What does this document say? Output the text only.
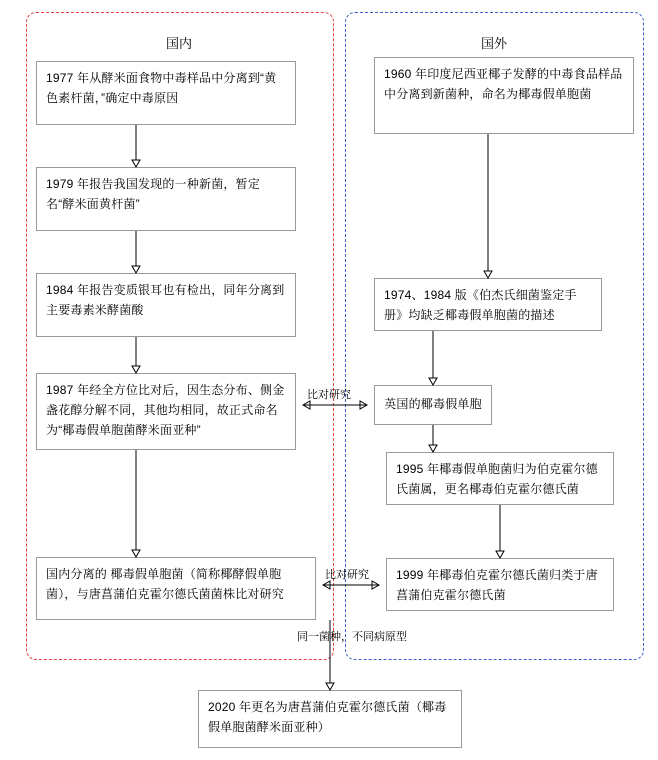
国内	国外
1977 年从酵米面食物中毒样品中分离到“黄色素杆菌，”确定中毒原因
1979 年报告我国发现的一种新菌，暂定名“酵米面黄杆菌”
1984 年报告变质银耳也有检出，同年分离到主要毒素米酵菌酸
1987 年经全方位比对后，因生态分布、侧金盏花醇分解不同，其他均相同，故正式命名为“椰毒假单胞菌酵米面亚种”
国内分离的 椰毒假单胞菌（简称椰酵假单胞菌），与唐菖蒲伯克霍尔德氏菌菌株比对研究
1960 年印度尼西亚椰子发酵的中毒食品样品中分离到新菌种，命名为椰毒假单胞菌
1974、1984 版《伯杰氏细菌鉴定手册》均缺乏椰毒假单胞菌的描述
英国的椰毒假单胞
1995 年椰毒假单胞菌归为伯克霍尔德氏菌属，更名椰毒伯克霍尔德氏菌
1999 年椰毒伯克霍尔德氏菌归类于唐菖蒲伯克霍尔德氏菌
2020 年更名为唐菖蒲伯克霍尔德氏菌（椰毒假单胞菌酵米面亚种）
比对研究
比对研究
同一菌种，不同病原型
